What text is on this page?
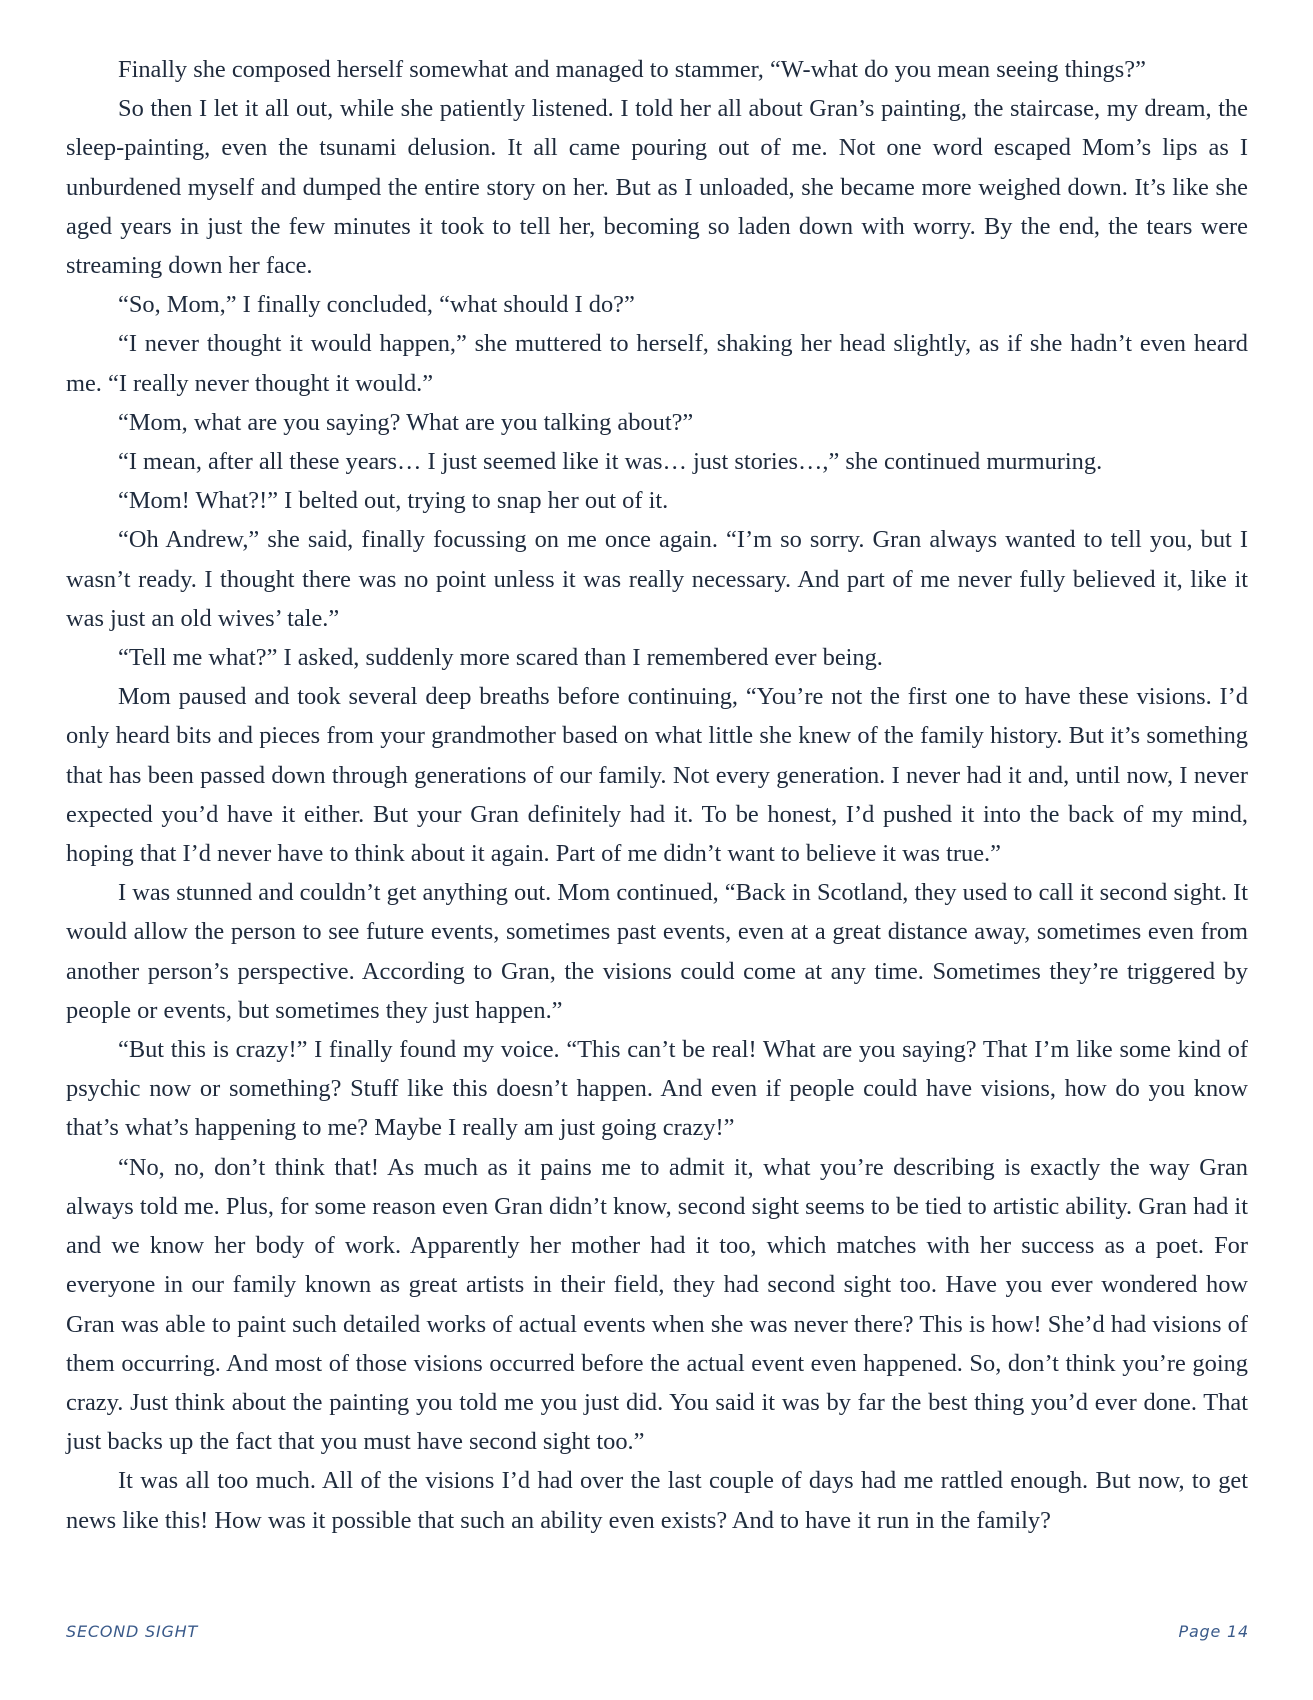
Finally she composed herself somewhat and managed to stammer, “W-what do you mean seeing things?”

So then I let it all out, while she patiently listened. I told her all about Gran’s painting, the staircase, my dream, the sleep-painting, even the tsunami delusion. It all came pouring out of me. Not one word escaped Mom’s lips as I unburdened myself and dumped the entire story on her. But as I unloaded, she became more weighed down. It’s like she aged years in just the few minutes it took to tell her, becoming so laden down with worry. By the end, the tears were streaming down her face.

“So, Mom,” I finally concluded, “what should I do?”

“I never thought it would happen,” she muttered to herself, shaking her head slightly, as if she hadn’t even heard me. “I really never thought it would.”

“Mom, what are you saying? What are you talking about?”

“I mean, after all these years… I just seemed like it was… just stories…,” she continued murmuring.

“Mom! What?!” I belted out, trying to snap her out of it.

“Oh Andrew,” she said, finally focussing on me once again. “I’m so sorry. Gran always wanted to tell you, but I wasn’t ready. I thought there was no point unless it was really necessary. And part of me never fully believed it, like it was just an old wives’ tale.”

“Tell me what?” I asked, suddenly more scared than I remembered ever being.

Mom paused and took several deep breaths before continuing, “You’re not the first one to have these visions. I’d only heard bits and pieces from your grandmother based on what little she knew of the family history. But it’s something that has been passed down through generations of our family. Not every generation. I never had it and, until now, I never expected you’d have it either. But your Gran definitely had it. To be honest, I’d pushed it into the back of my mind, hoping that I’d never have to think about it again. Part of me didn’t want to believe it was true.”

I was stunned and couldn’t get anything out. Mom continued, “Back in Scotland, they used to call it second sight. It would allow the person to see future events, sometimes past events, even at a great distance away, sometimes even from another person’s perspective. According to Gran, the visions could come at any time. Sometimes they’re triggered by people or events, but sometimes they just happen.”

“But this is crazy!” I finally found my voice. “This can’t be real! What are you saying? That I’m like some kind of psychic now or something? Stuff like this doesn’t happen. And even if people could have visions, how do you know that’s what’s happening to me? Maybe I really am just going crazy!”

“No, no, don’t think that! As much as it pains me to admit it, what you’re describing is exactly the way Gran always told me. Plus, for some reason even Gran didn’t know, second sight seems to be tied to artistic ability. Gran had it and we know her body of work. Apparently her mother had it too, which matches with her success as a poet. For everyone in our family known as great artists in their field, they had second sight too. Have you ever wondered how Gran was able to paint such detailed works of actual events when she was never there? This is how! She’d had visions of them occurring. And most of those visions occurred before the actual event even happened. So, don’t think you’re going crazy. Just think about the painting you told me you just did. You said it was by far the best thing you’d ever done. That just backs up the fact that you must have second sight too.”

It was all too much. All of the visions I’d had over the last couple of days had me rattled enough. But now, to get news like this! How was it possible that such an ability even exists? And to have it run in the family?

SECOND SIGHT	Page 14
